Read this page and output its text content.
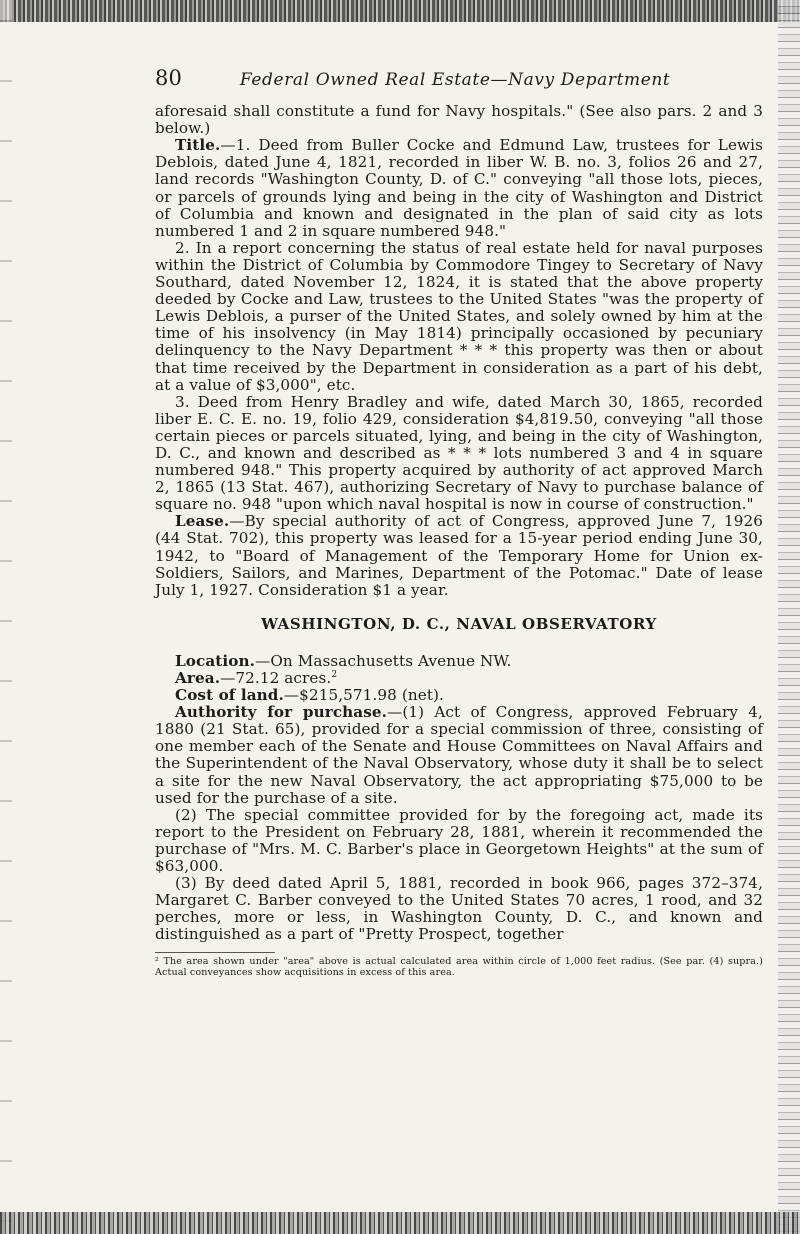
80	Federal Owned Real Estate—Navy Department

aforesaid shall constitute a fund for Navy hospitals." (See also pars. 2 and 3 below.)

Title.—1. Deed from Buller Cocke and Edmund Law, trustees for Lewis Deblois, dated June 4, 1821, recorded in liber W. B. no. 3, folios 26 and 27, land records "Washington County, D. of C." conveying "all those lots, pieces, or parcels of grounds lying and being in the city of Washington and District of Columbia and known and designated in the plan of said city as lots numbered 1 and 2 in square numbered 948."

2. In a report concerning the status of real estate held for naval purposes within the District of Columbia by Commodore Tingey to Secretary of Navy Southard, dated November 12, 1824, it is stated that the above property deeded by Cocke and Law, trustees to the United States "was the property of Lewis Deblois, a purser of the United States, and solely owned by him at the time of his insolvency (in May 1814) principally occasioned by pecuniary delinquency to the Navy Department * * * this property was then or about that time received by the Department in consideration as a part of his debt, at a value of $3,000", etc.

3. Deed from Henry Bradley and wife, dated March 30, 1865, recorded liber E. C. E. no. 19, folio 429, consideration $4,819.50, conveying "all those certain pieces or parcels situated, lying, and being in the city of Washington, D. C., and known and described as * * * lots numbered 3 and 4 in square numbered 948." This property acquired by authority of act approved March 2, 1865 (13 Stat. 467), authorizing Secretary of Navy to purchase balance of square no. 948 "upon which naval hospital is now in course of construction."

Lease.—By special authority of act of Congress, approved June 7, 1926 (44 Stat. 702), this property was leased for a 15-year period ending June 30, 1942, to "Board of Management of the Temporary Home for Union ex-Soldiers, Sailors, and Marines, Department of the Potomac." Date of lease July 1, 1927. Consideration $1 a year.

WASHINGTON, D. C., NAVAL OBSERVATORY

Location.—On Massachusetts Avenue NW.

Area.—72.12 acres.$^2$

Cost of land.—$215,571.98 (net).

Authority for purchase.—(1) Act of Congress, approved February 4, 1880 (21 Stat. 65), provided for a special commission of three, consisting of one member each of the Senate and House Committees on Naval Affairs and the Superintendent of the Naval Observatory, whose duty it shall be to select a site for the new Naval Observatory, the act appropriating $75,000 to be used for the purchase of a site.

(2) The special committee provided for by the foregoing act, made its report to the President on February 28, 1881, wherein it recommended the purchase of "Mrs. M. C. Barber's place in Georgetown Heights" at the sum of $63,000.

(3) By deed dated April 5, 1881, recorded in book 966, pages 372–374, Margaret C. Barber conveyed to the United States 70 acres, 1 rood, and 32 perches, more or less, in Washington County, D. C., and known and distinguished as a part of "Pretty Prospect, together

² The area shown under "area" above is actual calculated area within circle of 1,000 feet radius. (See par. (4) supra.) Actual conveyances show acquisitions in excess of this area.
